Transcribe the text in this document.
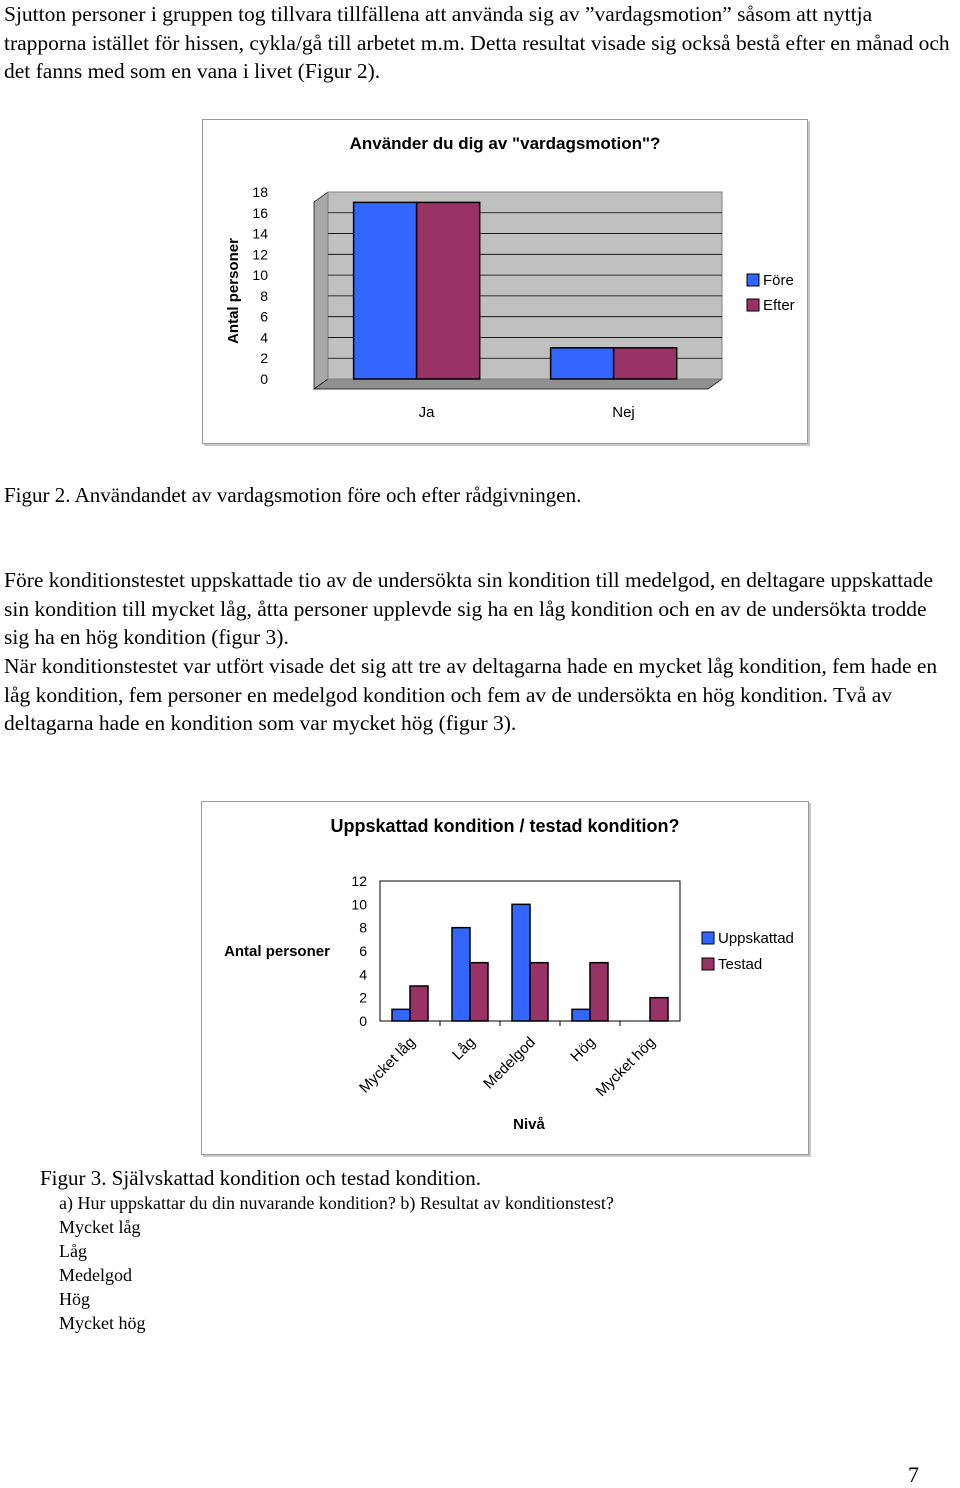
Sjutton personer i gruppen tog tillvara tillfällena att använda sig av ”vardagsmotion” såsom att nyttja trapporna istället för hissen, cykla/gå till arbetet m.m. Detta resultat visade sig också bestå efter en månad och det fanns med som en vana i livet (Figur 2).

Använder du dig av "vardagsmotion"?
Antal personer
18
16
14
12
10
8
6
4
2
0
Ja	Nej
Före
Efter

Figur 2. Användandet av vardagsmotion före och efter rådgivningen.

Före konditionstestet uppskattade tio av de undersökta sin kondition till medelgod, en deltagare uppskattade sin kondition till mycket låg, åtta personer upplevde sig ha en låg kondition och en av de undersökta trodde sig ha en hög kondition (figur 3).

När konditionstestet var utfört visade det sig att tre av deltagarna hade en mycket låg kondition, fem hade en låg kondition, fem personer en medelgod kondition och fem av de undersökta en hög kondition. Två av deltagarna hade en kondition som var mycket hög (figur 3).

Uppskattad kondition / testad kondition?
Antal personer
Nivå
12
10
8
6
4
2
0
Mycket låg Låg Medelgod Hög
Mycket hög
Uppskattad
Testad

Figur 3. Självskattad kondition och testad kondition.

a) Hur uppskattar du din nuvarande kondition? b) Resultat av konditionstest?

Mycket låg

Låg

Medelgod

Hög

Mycket hög

7
